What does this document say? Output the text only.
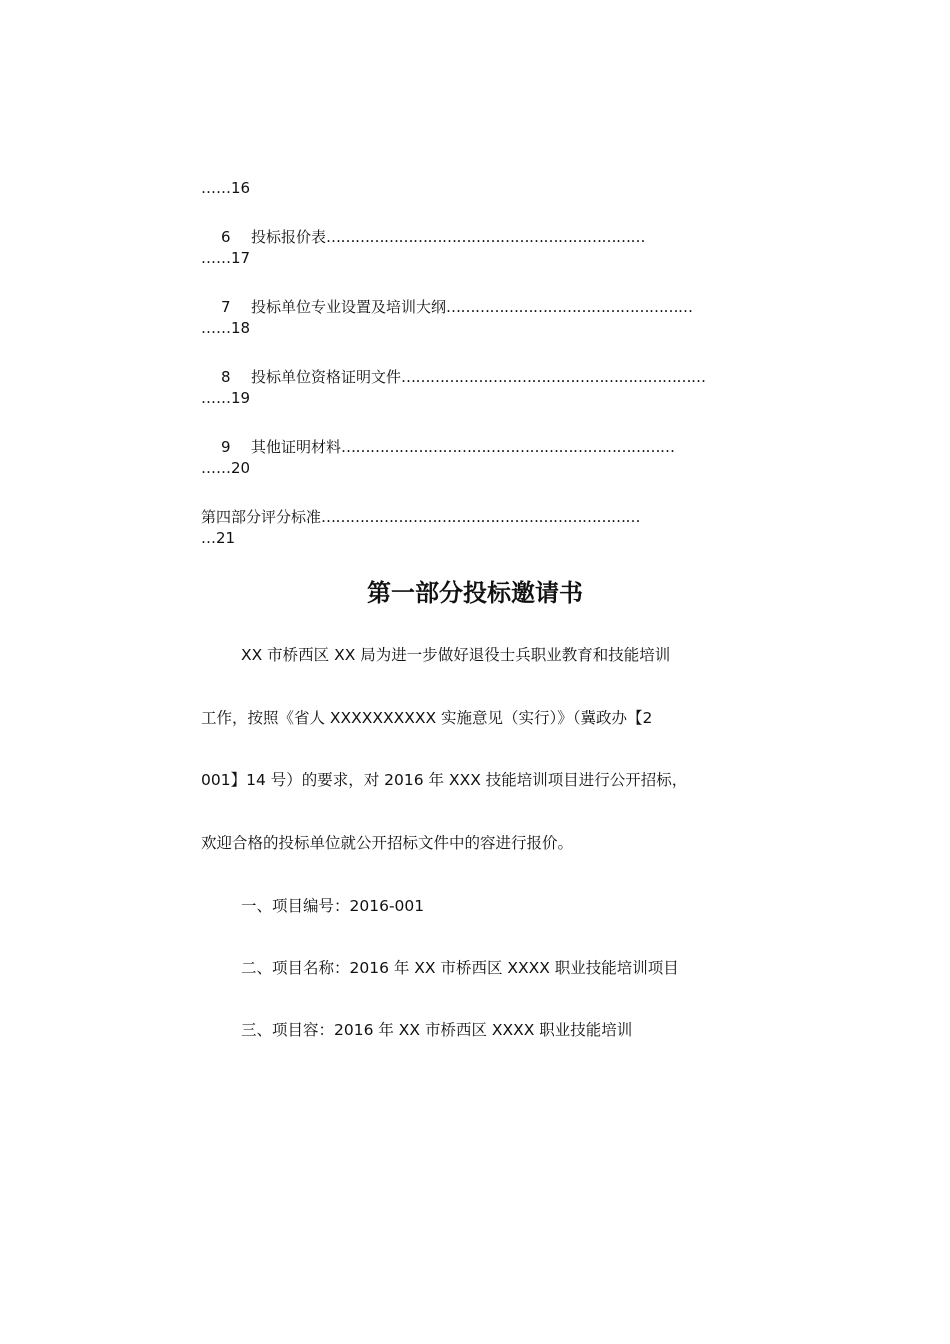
……16
6 投标报价表…………………………………………………………
……17
7 投标单位专业设置及培训大纲……………………………………………
……18
8 投标单位资格证明文件………………………………………………………
……19
9 其他证明材料……………………………………………………………
……20
第四部分评分标准…………………………………………………………
…21
第一部分投标邀请书
XX 市桥西区 XX 局为进一步做好退役士兵职业教育和技能培训
工作，按照《省人 XXXXXXXXXX 实施意见（实行）》（冀政办【2
001】14 号）的要求，对 2016 年 XXX 技能培训项目进行公开招标，
欢迎合格的投标单位就公开招标文件中的容进行报价。
一、项目编号：2016-001
二、项目名称：2016 年 XX 市桥西区 XXXX 职业技能培训项目
三、项目容：2016 年 XX 市桥西区 XXXX 职业技能培训
